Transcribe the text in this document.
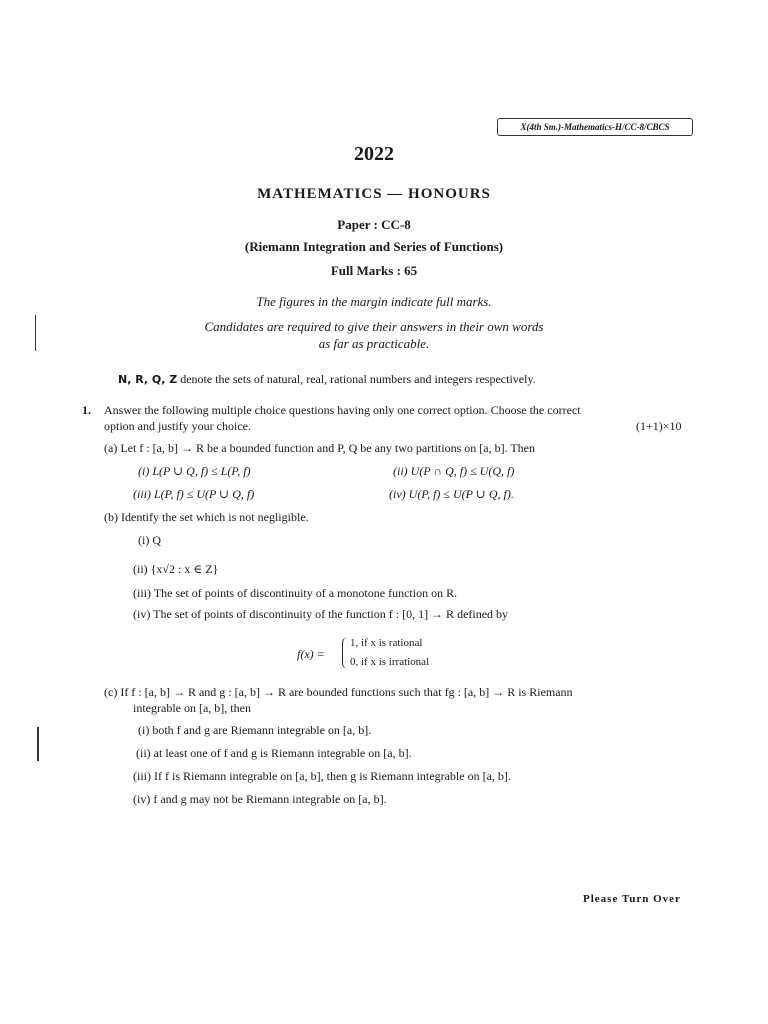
X(4th Sm.)-Mathematics-H/CC-8/CBCS
2022
MATHEMATICS — HONOURS
Paper : CC-8
(Riemann Integration and Series of Functions)
Full Marks : 65
The figures in the margin indicate full marks.
Candidates are required to give their answers in their own words
as far as practicable.
N, R, Q, Z denote the sets of natural, real, rational numbers and integers respectively.
1. Answer the following multiple choice questions having only one correct option. Choose the correct
option and justify your choice.	(1+1)×10
(a) Let f : [a, b] → R be a bounded function and P, Q be any two partitions on [a, b]. Then
(i) L(P ∪ Q, f) ≤ L(P, f)	(ii) U(P ∩ Q, f) ≤ U(Q, f)
(iii) L(P, f) ≤ U(P ∪ Q, f)	(iv) U(P, f) ≤ U(P ∪ Q, f).
(b) Identify the set which is not negligible.
(i) Q
(ii) {x√2 : x ∈ Z}
(iii) The set of points of discontinuity of a monotone function on R.
(iv) The set of points of discontinuity of the function f : [0, 1] → R defined by
f(x) =
1, if x is rational
0, if x is irrational
(c) If f : [a, b] → R and g : [a, b] → R are bounded functions such that fg : [a, b] → R is Riemann
integrable on [a, b], then
(i) both f and g are Riemann integrable on [a, b].
(ii) at least one of f and g is Riemann integrable on [a, b].
(iii) If f is Riemann integrable on [a, b], then g is Riemann integrable on [a, b].
(iv) f and g may not be Riemann integrable on [a, b].
Please Turn Over
